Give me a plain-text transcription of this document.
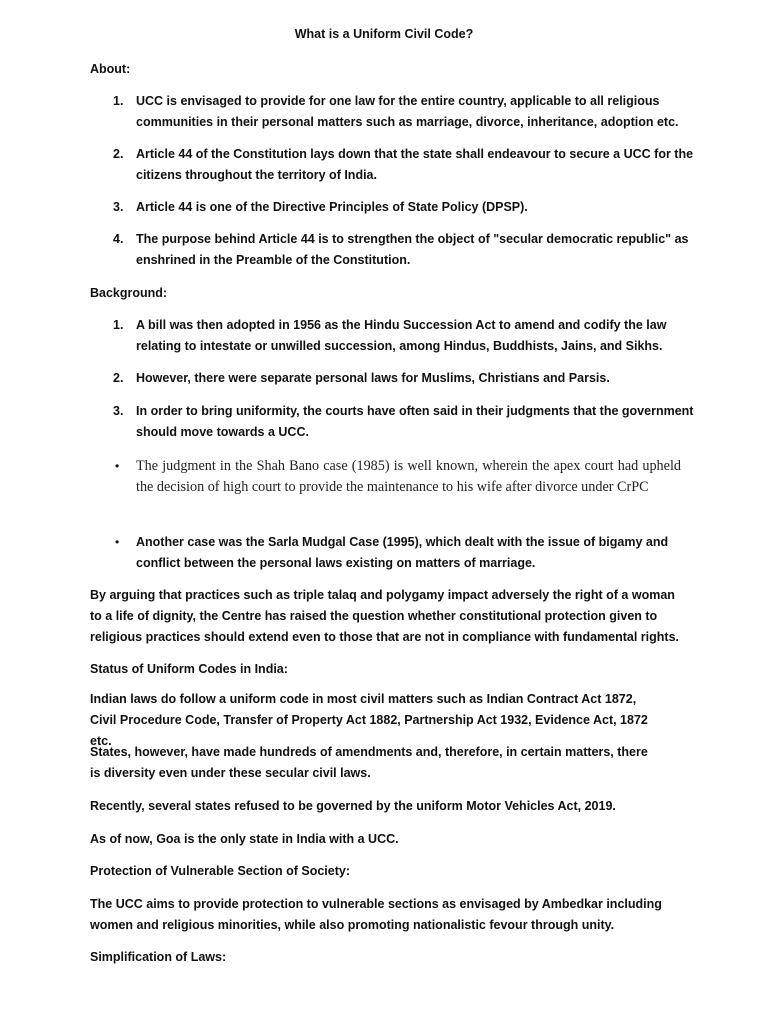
What is a Uniform Civil Code?
About:
1. UCC is envisaged to provide for one law for the entire country, applicable to all religious communities in their personal matters such as marriage, divorce, inheritance, adoption etc.
2. Article 44 of the Constitution lays down that the state shall endeavour to secure a UCC for the citizens throughout the territory of India.
3. Article 44 is one of the Directive Principles of State Policy (DPSP).
4. The purpose behind Article 44 is to strengthen the object of "secular democratic republic" as enshrined in the Preamble of the Constitution.
Background:
1. A bill was then adopted in 1956 as the Hindu Succession Act to amend and codify the law relating to intestate or unwilled succession, among Hindus, Buddhists, Jains, and Sikhs.
2. However, there were separate personal laws for Muslims, Christians and Parsis.
3. In order to bring uniformity, the courts have often said in their judgments that the government should move towards a UCC.
• The judgment in the Shah Bano case (1985) is well known, wherein the apex court had upheld the decision of high court to provide the maintenance to his wife after divorce under CrPC
• Another case was the Sarla Mudgal Case (1995), which dealt with the issue of bigamy and conflict between the personal laws existing on matters of marriage.
By arguing that practices such as triple talaq and polygamy impact adversely the right of a woman to a life of dignity, the Centre has raised the question whether constitutional protection given to religious practices should extend even to those that are not in compliance with fundamental rights.
Status of Uniform Codes in India:
Indian laws do follow a uniform code in most civil matters such as Indian Contract Act 1872, Civil Procedure Code, Transfer of Property Act 1882, Partnership Act 1932, Evidence Act, 1872 etc.
States, however, have made hundreds of amendments and, therefore, in certain matters, there is diversity even under these secular civil laws.
Recently, several states refused to be governed by the uniform Motor Vehicles Act, 2019.
As of now, Goa is the only state in India with a UCC.
Protection of Vulnerable Section of Society:
The UCC aims to provide protection to vulnerable sections as envisaged by Ambedkar including women and religious minorities, while also promoting nationalistic fevour through unity.
Simplification of Laws:
